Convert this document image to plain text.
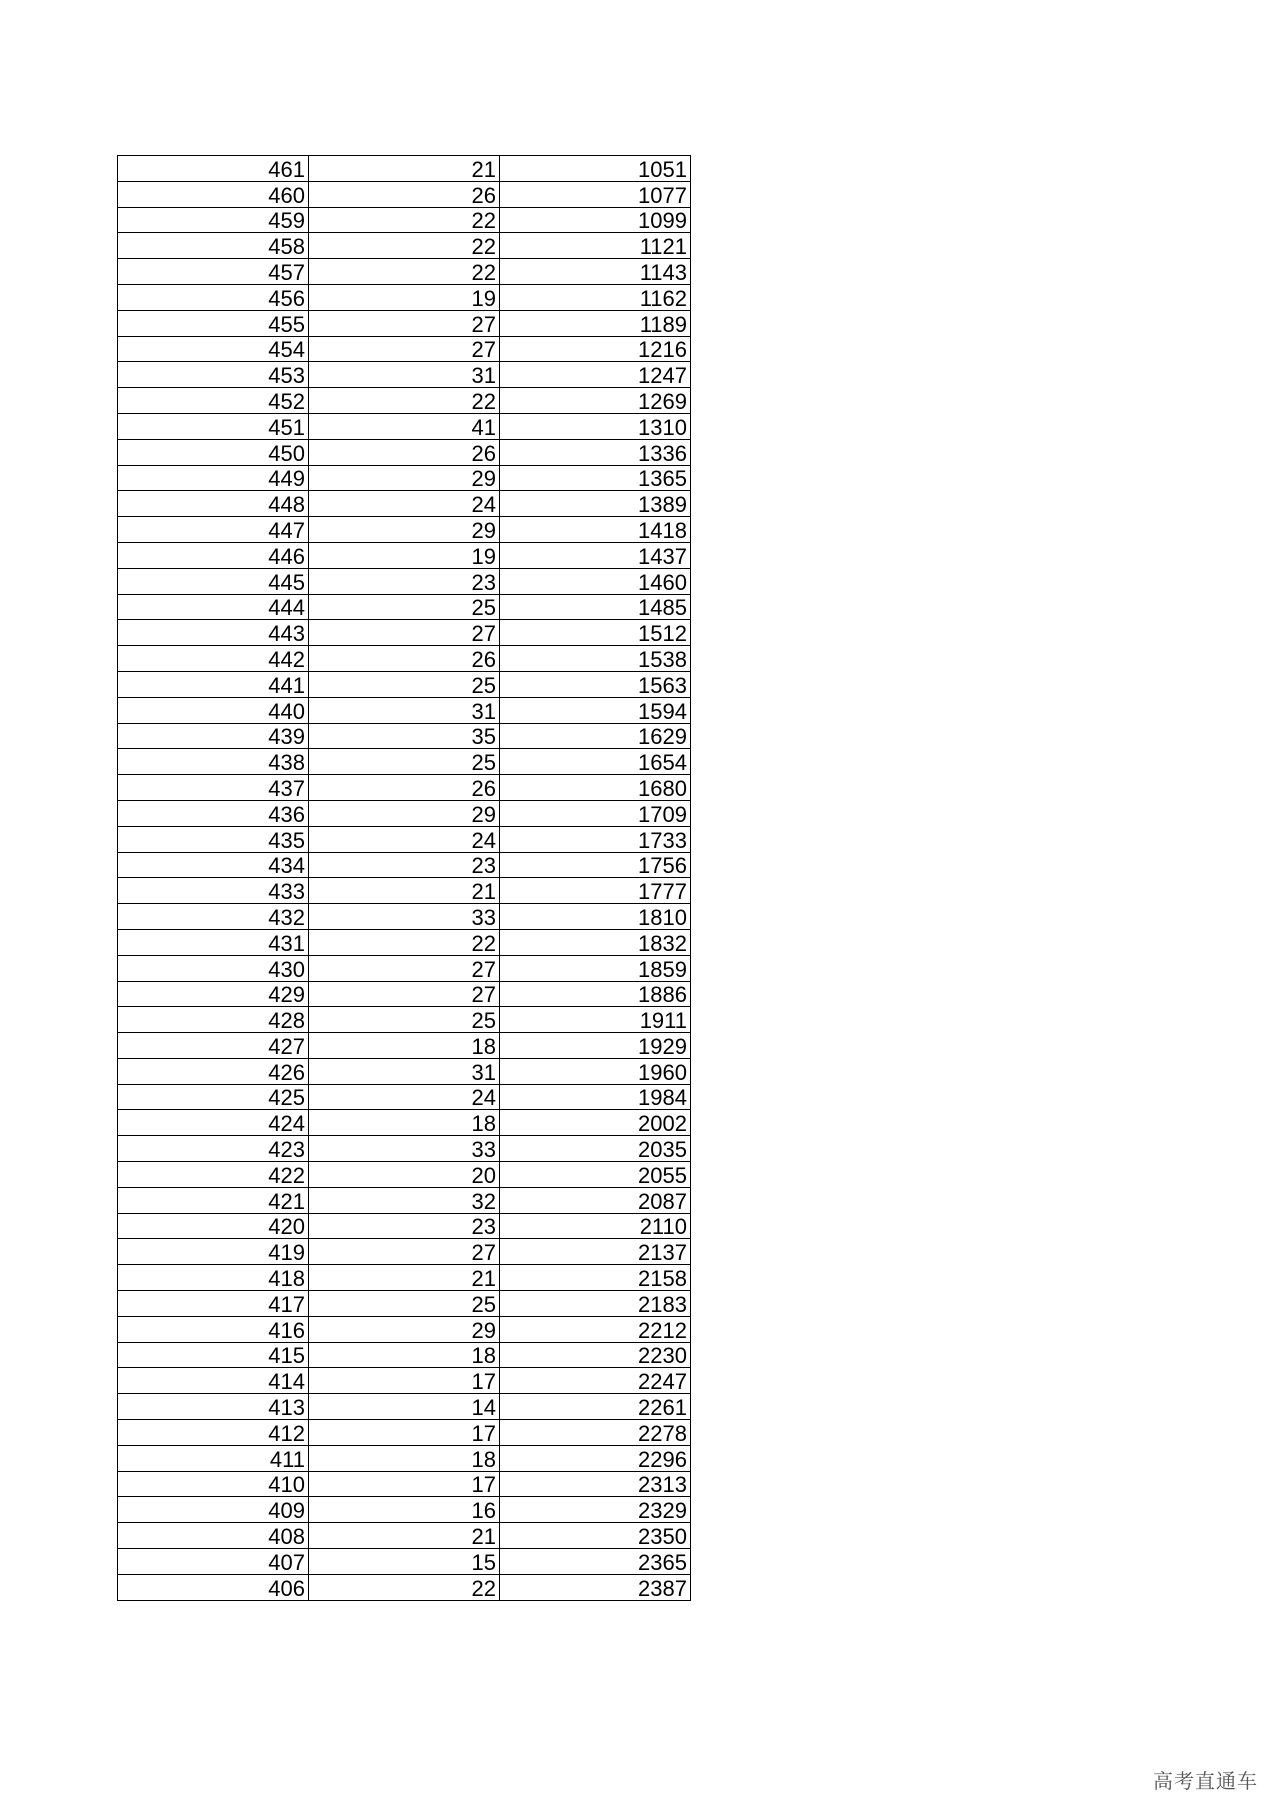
461	21	1051
460	26	1077
459	22	1099
458	22	1121
457	22	1143
456	19	1162
455	27	1189
454	27	1216
453	31	1247
452	22	1269
451	41	1310
450	26	1336
449	29	1365
448	24	1389
447	29	1418
446	19	1437
445	23	1460
444	25	1485
443	27	1512
442	26	1538
441	25	1563
440	31	1594
439	35	1629
438	25	1654
437	26	1680
436	29	1709
435	24	1733
434	23	1756
433	21	1777
432	33	1810
431	22	1832
430	27	1859
429	27	1886
428	25	1911
427	18	1929
426	31	1960
425	24	1984
424	18	2002
423	33	2035
422	20	2055
421	32	2087
420	23	2110
419	27	2137
418	21	2158
417	25	2183
416	29	2212
415	18	2230
414	17	2247
413	14	2261
412	17	2278
411	18	2296
410	17	2313
409	16	2329
408	21	2350
407	15	2365
406	22	2387
高考直通车
